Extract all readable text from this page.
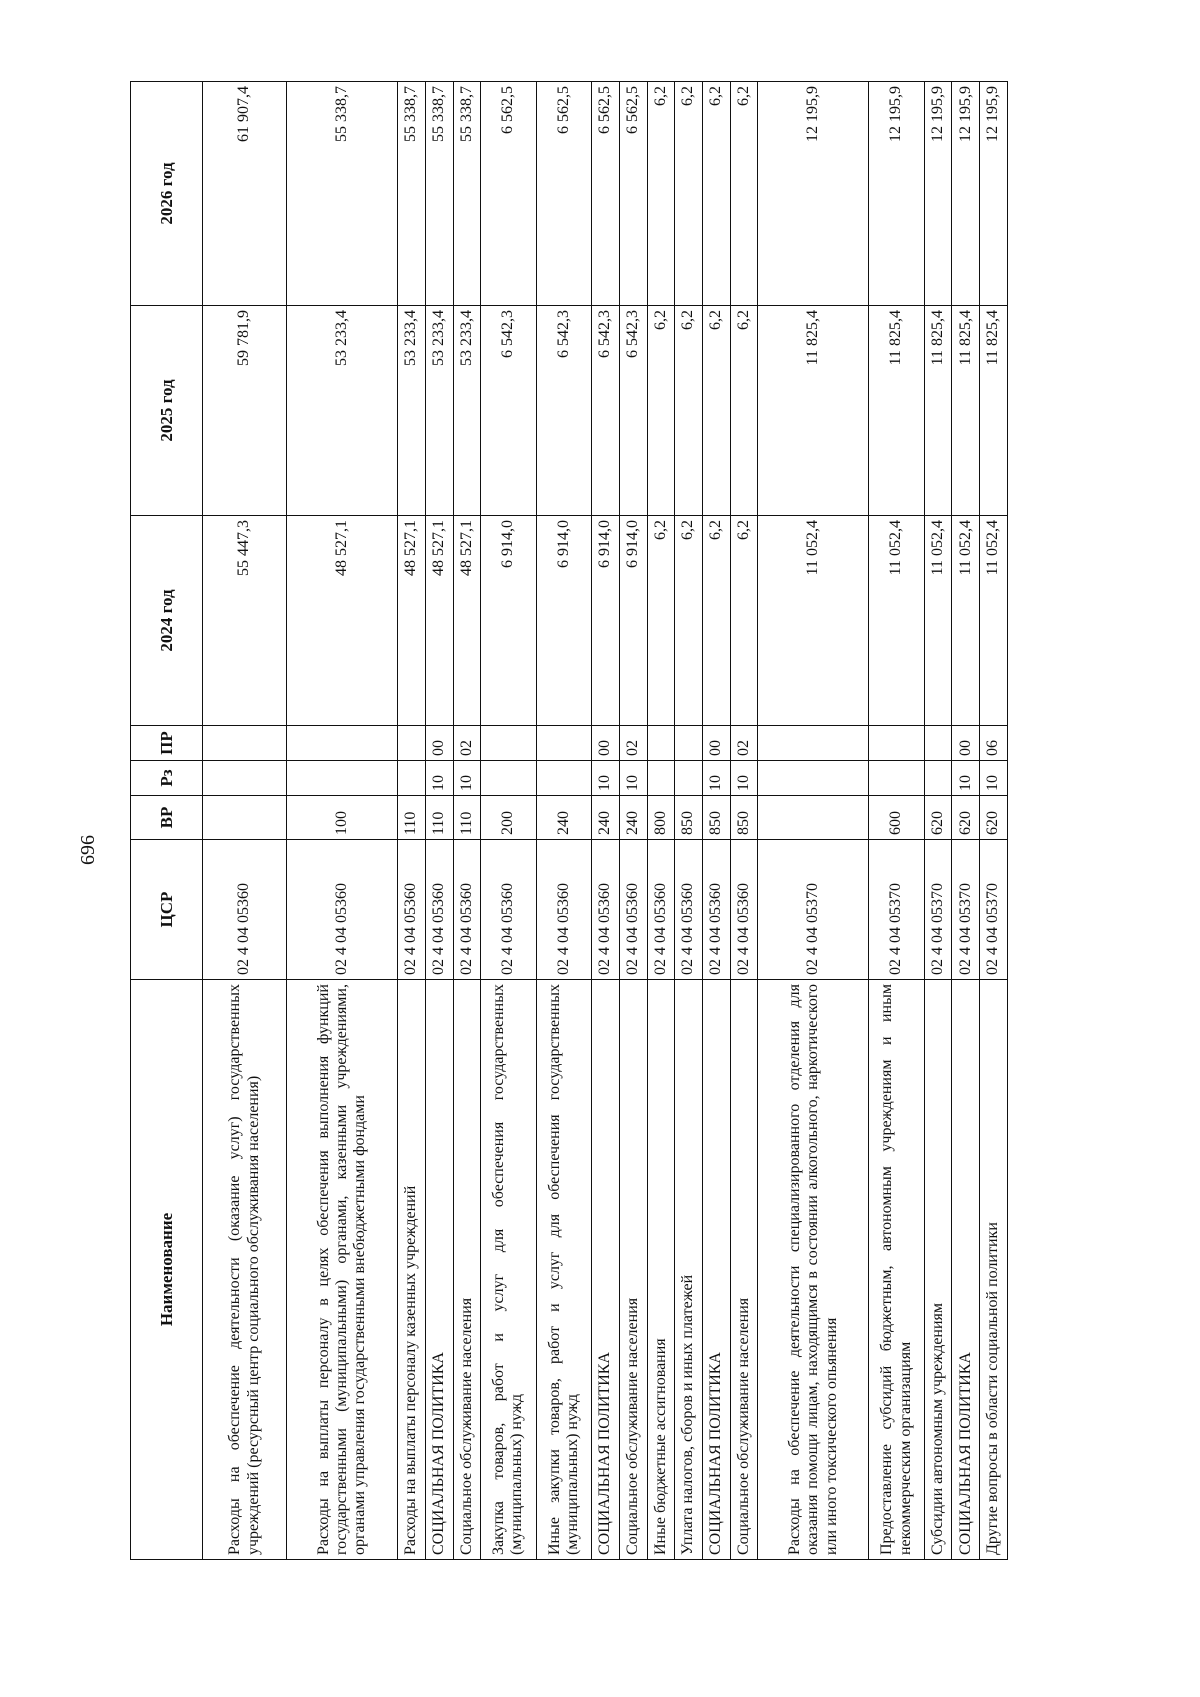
696
Наименование	ЦСР	ВР	Рз	ПР	2024 год	2025 год	2026 год
Расходы на обеспечение деятельности (оказание услуг) государственных учреждений (ресурсный центр социального обслуживания населения)	02 4 04 05360				55 447,3	59 781,9	61 907,4
Расходы на выплаты персоналу в целях обеспечения выполнения функций государственными (муниципальными) органами, казенными учреждениями, органами управления государственными внебюджетными фондами	02 4 04 05360	100			48 527,1	53 233,4	55 338,7
Расходы на выплаты персоналу казенных учреждений	02 4 04 05360	110			48 527,1	53 233,4	55 338,7
СОЦИАЛЬНАЯ ПОЛИТИКА	02 4 04 05360	110	10	00	48 527,1	53 233,4	55 338,7
Социальное обслуживание населения	02 4 04 05360	110	10	02	48 527,1	53 233,4	55 338,7
Закупка товаров, работ и услуг для обеспечения государственных (муниципальных) нужд	02 4 04 05360	200			6 914,0	6 542,3	6 562,5
Иные закупки товаров, работ и услуг для обеспечения государственных (муниципальных) нужд	02 4 04 05360	240			6 914,0	6 542,3	6 562,5
СОЦИАЛЬНАЯ ПОЛИТИКА	02 4 04 05360	240	10	00	6 914,0	6 542,3	6 562,5
Социальное обслуживание населения	02 4 04 05360	240	10	02	6 914,0	6 542,3	6 562,5
Иные бюджетные ассигнования	02 4 04 05360	800			6,2	6,2	6,2
Уплата налогов, сборов и иных платежей	02 4 04 05360	850			6,2	6,2	6,2
СОЦИАЛЬНАЯ ПОЛИТИКА	02 4 04 05360	850	10	00	6,2	6,2	6,2
Социальное обслуживание населения	02 4 04 05360	850	10	02	6,2	6,2	6,2
Расходы на обеспечение деятельности специализированного отделения для оказания помощи лицам, находящимся в состоянии алкогольного, наркотического или иного токсического опьянения	02 4 04 05370				11 052,4	11 825,4	12 195,9
Предоставление субсидий бюджетным, автономным учреждениям и иным некоммерческим организациям	02 4 04 05370	600			11 052,4	11 825,4	12 195,9
Субсидии автономным учреждениям	02 4 04 05370	620			11 052,4	11 825,4	12 195,9
СОЦИАЛЬНАЯ ПОЛИТИКА	02 4 04 05370	620	10	00	11 052,4	11 825,4	12 195,9
Другие вопросы в области социальной политики	02 4 04 05370	620	10	06	11 052,4	11 825,4	12 195,9
